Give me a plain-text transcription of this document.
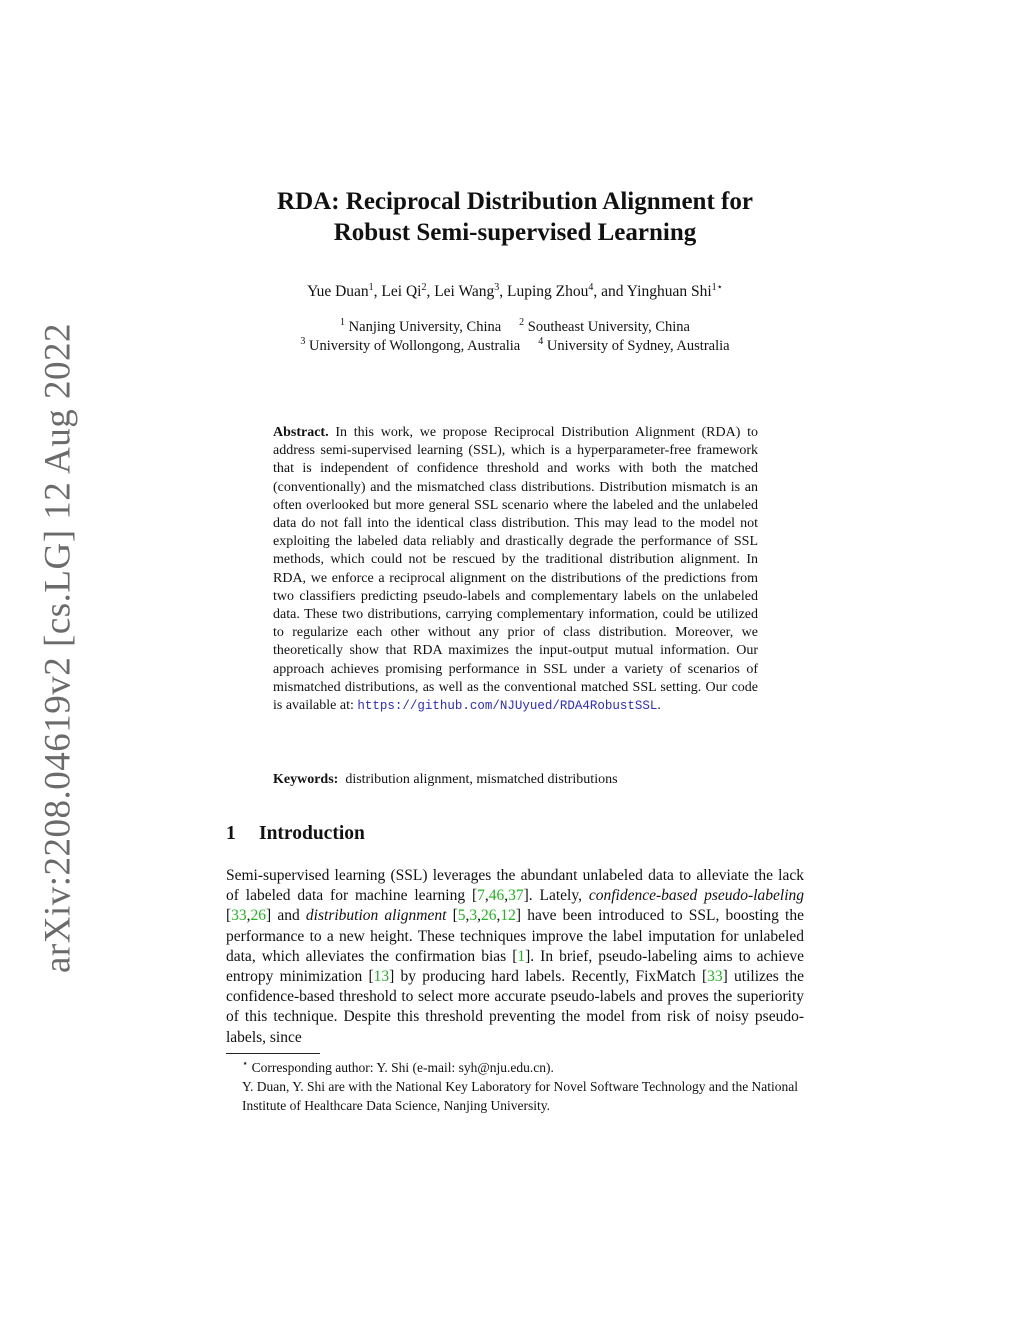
arXiv:2208.04619v2 [cs.LG] 12 Aug 2022
RDA: Reciprocal Distribution Alignment for
Robust Semi-supervised Learning
Yue Duan$^1$, Lei Qi$^2$, Lei Wang$^3$, Luping Zhou$^4$, and Yinghuan Shi$^{1⋆}$
$^1$ Nanjing University, China $^2$ Southeast University, China
$^3$ University of Wollongong, Australia $^4$ University of Sydney, Australia
Abstract. In this work, we propose Reciprocal Distribution Alignment (RDA) to address semi-supervised learning (SSL), which is a hyperparameter-free framework that is independent of confidence threshold and works with both the matched (conventionally) and the mismatched class distributions. Distribution mismatch is an often overlooked but more general SSL scenario where the labeled and the unlabeled data do not fall into the identical class distribution. This may lead to the model not exploiting the labeled data reliably and drastically degrade the performance of SSL methods, which could not be rescued by the traditional distribution alignment. In RDA, we enforce a reciprocal alignment on the distributions of the predictions from two classifiers predicting pseudo-labels and complementary labels on the unlabeled data. These two distributions, carrying complementary information, could be utilized to regularize each other without any prior of class distribution. Moreover, we theoretically show that RDA maximizes the input-output mutual information. Our approach achieves promising performance in SSL under a variety of scenarios of mismatched distributions, as well as the conventional matched SSL setting. Our code is available at: https://github.com/NJUyued/RDA4RobustSSL.
Keywords: distribution alignment, mismatched distributions
1 Introduction
Semi-supervised learning (SSL) leverages the abundant unlabeled data to alleviate the lack of labeled data for machine learning [7,46,37]. Lately, confidence-based pseudo-labeling [33,26] and distribution alignment [5,3,26,12] have been introduced to SSL, boosting the performance to a new height. These techniques improve the label imputation for unlabeled data, which alleviates the confirmation bias [1]. In brief, pseudo-labeling aims to achieve entropy minimization [13] by producing hard labels. Recently, FixMatch [33] utilizes the confidence-based threshold to select more accurate pseudo-labels and proves the superiority of this technique. Despite this threshold preventing the model from risk of noisy pseudo-labels, since
⋆ Corresponding author: Y. Shi (e-mail: syh@nju.edu.cn).
Y. Duan, Y. Shi are with the National Key Laboratory for Novel Software Technology and the National Institute of Healthcare Data Science, Nanjing University.
